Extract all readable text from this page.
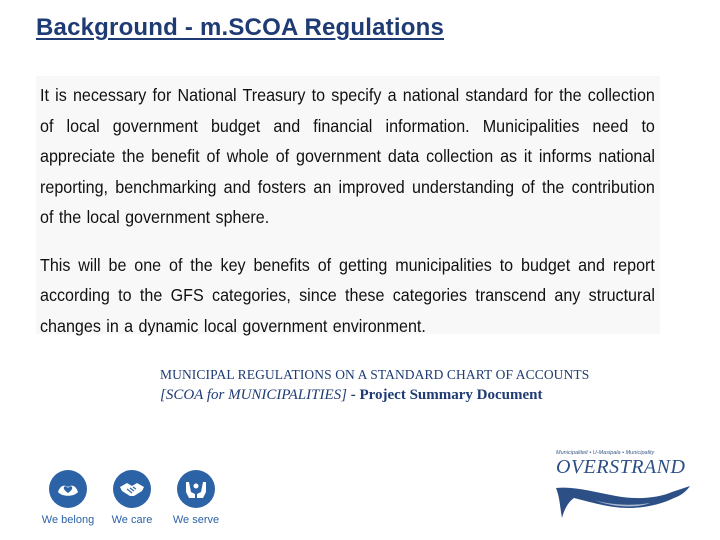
Background - m.SCOA Regulations

It is necessary for National Treasury to specify a national standard for the collection of local government budget and financial information. Municipalities need to appreciate the benefit of whole of government data collection as it informs national reporting, benchmarking and fosters an improved understanding of the contribution of the local government sphere.

This will be one of the key benefits of getting municipalities to budget and report according to the GFS categories, since these categories transcend any structural changes in a dynamic local government environment.

MUNICIPAL REGULATIONS ON A STANDARD CHART OF ACCOUNTS
[SCOA for MUNICIPALITIES] - Project Summary Document
We belong	We care	We serve
Municipaliteit • U-Masipala • Municipality
OVERSTRAND
